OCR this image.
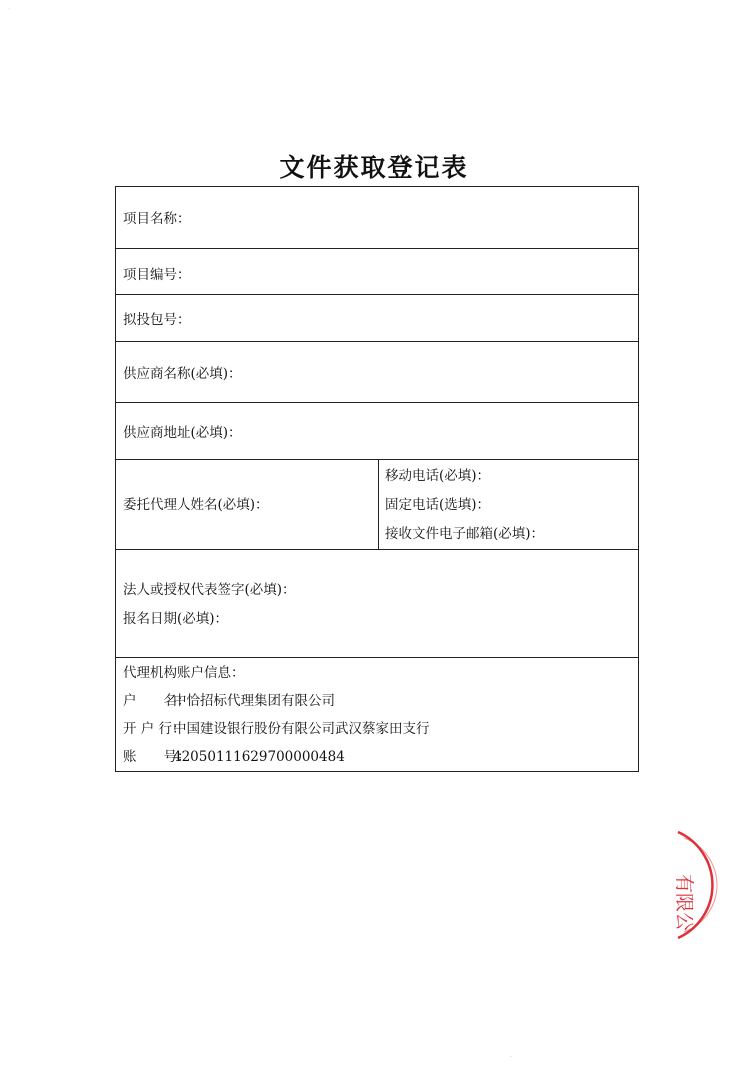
·
文件获取登记表
项目名称：
项目编号：
拟投包号：
供应商名称(必填)：
供应商地址(必填)：
委托代理人姓名(必填)：
移动电话(必填)：
固定电话(选填)：
接收文件电子邮箱(必填)：
法人或授权代表签字(必填)：
报名日期(必填)：
代理机构账户信息：
户　　名：中恰招标代理集团有限公司
开 户 行：中国建设银行股份有限公司武汉蔡家田支行
账　　号：42050111629700000484
有限公
·
